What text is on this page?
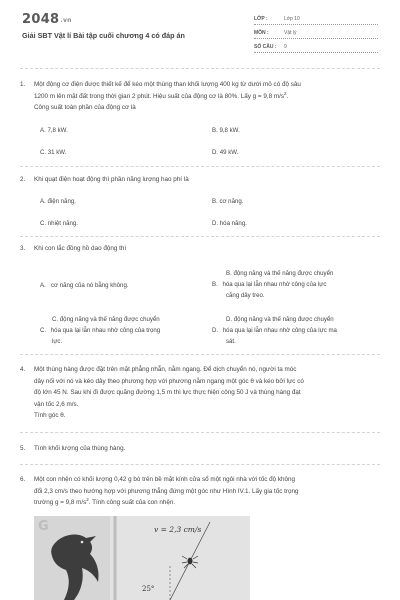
2048.vn
Giải SBT Vật lí Bài tập cuối chương 4 có đáp án
LỚP :	Lớp 10
MÔN :	Vật lý
SỐ CÂU : 9
1. Một động cơ điện được thiết kế để kéo một thùng than khối lượng 400 kg từ dưới mỏ có độ sâu
1200 m lên mặt đất trong thời gian 2 phút. Hiệu suất của động cơ là 80%. Lấy g = 9,8 $m/s^2$.
Công suất toàn phần của động cơ là
A. 7,8 kW.	B. 9,8 kW.
C. 31 kW.	D. 49 kW.
2. Khi quạt điện hoạt động thì phần năng lượng hao phí là
A. điện năng.	B. cơ năng.
C. nhiệt năng.	D. hóa năng.
3. Khi con lắc đồng hồ dao động thì
A. cơ năng của nó bằng không.
B. động năng và thế năng được chuyển
B. hóa qua lại lẫn nhau nhờ công của lực
căng dây treo.
C. động năng và thế năng được chuyển
C. hóa qua lại lẫn nhau nhờ công của trọng
lực.
D. động năng và thế năng được chuyển
D. hóa qua lại lẫn nhau nhờ công của lực ma
sát.
4. Một thùng hàng được đặt trên mặt phẳng nhẵn, nằm ngang. Để dịch chuyển nó, người ta móc
dây nối với nó và kéo dây theo phương hợp với phương nằm ngang một góc θ và kéo bởi lực có
độ lớn 45 N. Sau khi đi được quãng đường 1,5 m thì lực thực hiện công 50 J và thùng hàng đạt
vận tốc 2,6 m/s.
Tính góc θ.
5. Tính khối lượng của thùng hàng.
6. Một con nhện có khối lượng 0,42 g bò trên bề mặt kính cửa sổ một ngôi nhà với tốc độ không
đổi 2,3 cm/s theo hướng hợp với phương thẳng đứng một góc như Hình IV.1. Lấy gia tốc trọng
trường g = 9,8 $m/s^2$. Tính công suất của con nhện.
G	v = 2,3 cm/s
25°
